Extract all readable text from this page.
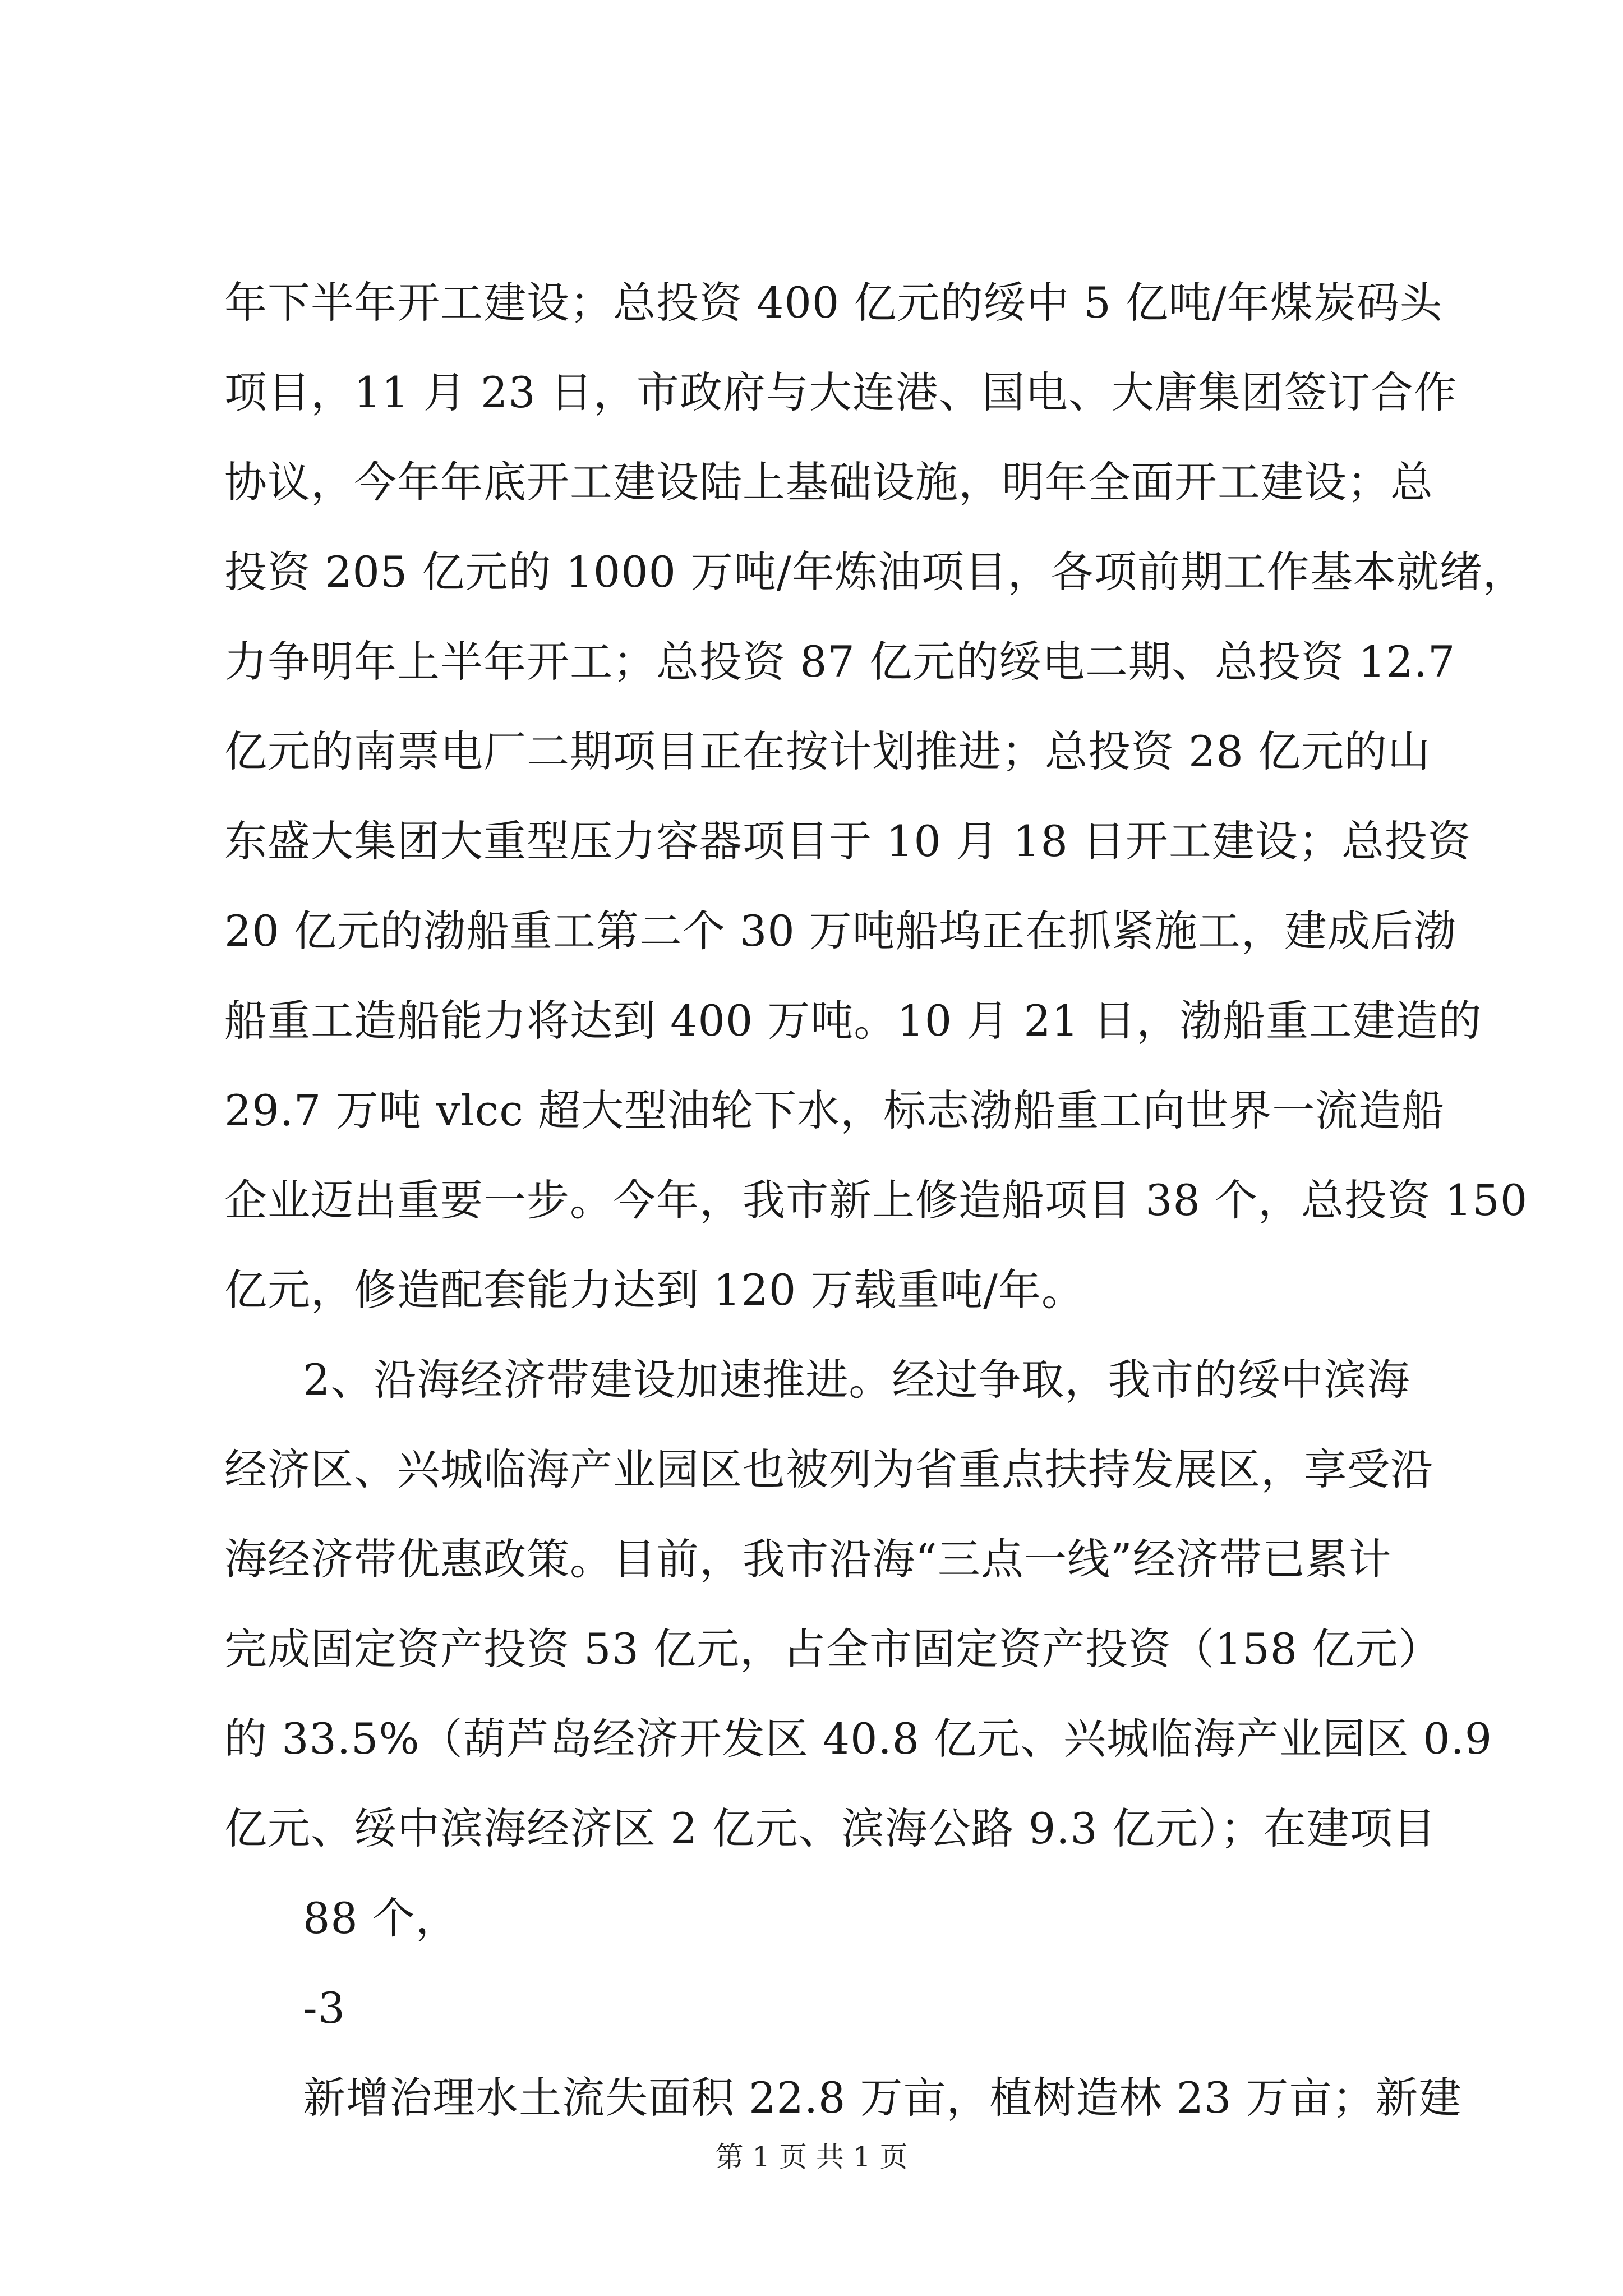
年下半年开工建设；总投资 400 亿元的绥中 5 亿吨/年煤炭码头
项目，11 月 23 日，市政府与大连港、国电、大唐集团签订合作
协议，今年年底开工建设陆上基础设施，明年全面开工建设；总
投资 205 亿元的 1000 万吨/年炼油项目，各项前期工作基本就绪，
力争明年上半年开工；总投资 87 亿元的绥电二期、总投资 12.7
亿元的南票电厂二期项目正在按计划推进；总投资 28 亿元的山
东盛大集团大重型压力容器项目于 10 月 18 日开工建设；总投资
20 亿元的渤船重工第二个 30 万吨船坞正在抓紧施工，建成后渤
船重工造船能力将达到 400 万吨。10 月 21 日，渤船重工建造的
29.7 万吨 vlcc 超大型油轮下水，标志渤船重工向世界一流造船
企业迈出重要一步。今年，我市新上修造船项目 38 个，总投资 150
亿元，修造配套能力达到 120 万载重吨/年。
2、沿海经济带建设加速推进。经过争取，我市的绥中滨海
经济区、兴城临海产业园区也被列为省重点扶持发展区，享受沿
海经济带优惠政策。目前，我市沿海“三点一线”经济带已累计
完成固定资产投资 53 亿元，占全市固定资产投资（158 亿元）
的 33.5%（葫芦岛经济开发区 40.8 亿元、兴城临海产业园区 0.9
亿元、绥中滨海经济区 2 亿元、滨海公路 9.3 亿元）；在建项目
88 个，
-3
新增治理水土流失面积 22.8 万亩，植树造林 23 万亩；新建
第 1 页 共 1 页
